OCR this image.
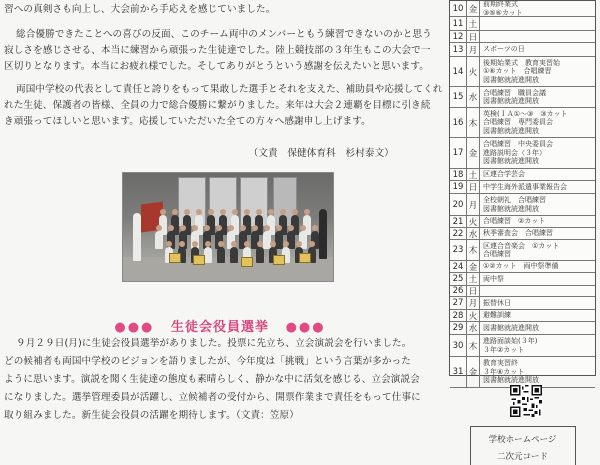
習への真剣さも向上し、大会前から手応えを感じていました。
総合優勝できたことへの喜びの反面、このチーム両中のメンバーともう練習できないのかと思う
寂しさを感じさせる、本当に練習から頑張った生徒達でした。陸上競技部の３年生もこの大会で一
区切りとなります。本当にお疲れ様でした。そしてありがとうという感謝を伝えたいと思います。
両国中学校の代表として責任と誇りをもって果敢した選手とそれを支えた、補助員や応援してくれ
れた生徒、保護者の皆様、全員の力で総合優勝に繋がりました。来年は大会２連覇を目標に引き続
き頑張ってほしいと思います。応援していただいた全ての方々へ感謝申し上げます。
（文責　保健体育科　杉村泰文）
●●● 生徒会役員選挙 ●●●
９月２９日(月)に生徒会役員選挙がありました。投票に先立ち、立会演説会を行いました。
どの候補者も両国中学校のビジョンを語りましたが、今年度は「挑戦」という言葉が多かった
ように思います。演説を聞く生徒達の態度も素晴らしく、静かな中に活気を感じる、立会演説会
になりました。選挙管理委員が活躍し、立候補者の受付から、開票作業まで責任をもって仕事に
取り組みました。新生徒会役員の活躍を期待します。（文責：笠原）
10 金
前期終業式
③⑤⑥カット
11 土
12 日
13 月 スポーツの日
14 火
後期始業式　教育実習始
①⑥カット　合唱練習
図書館就読進開放
15 水
合唱練習　職員会議
図書館就読進開放
16 木
英検(ＩＡ①～③　③カット
合唱練習　専門委員会
図書館就読進開放
17 金
合唱練習　中央委員会
進路説明会（３年）
図書館就読進開放
18 土 区連合学芸会
19 日 中学生海外派遣事業報告会
20 月
全校朝礼　合唱練習
図書館就読進開放
21 火 合唱練習　②カット
22 水 秋季審査会　合唱練習
23 木
区連合音楽会　①カット
合唱練習
24 金 ①②カット　両中祭準備
25 土 両中祭
26 日
27 月 振替休日
28 火 避難訓練
29 水 図書館就読進開放
30 木
進路面談始(３年)
３年②カット
31 金
教育実習終
３年⑥カット
図書館就読進開放
学校ホームページ
二次元コード
